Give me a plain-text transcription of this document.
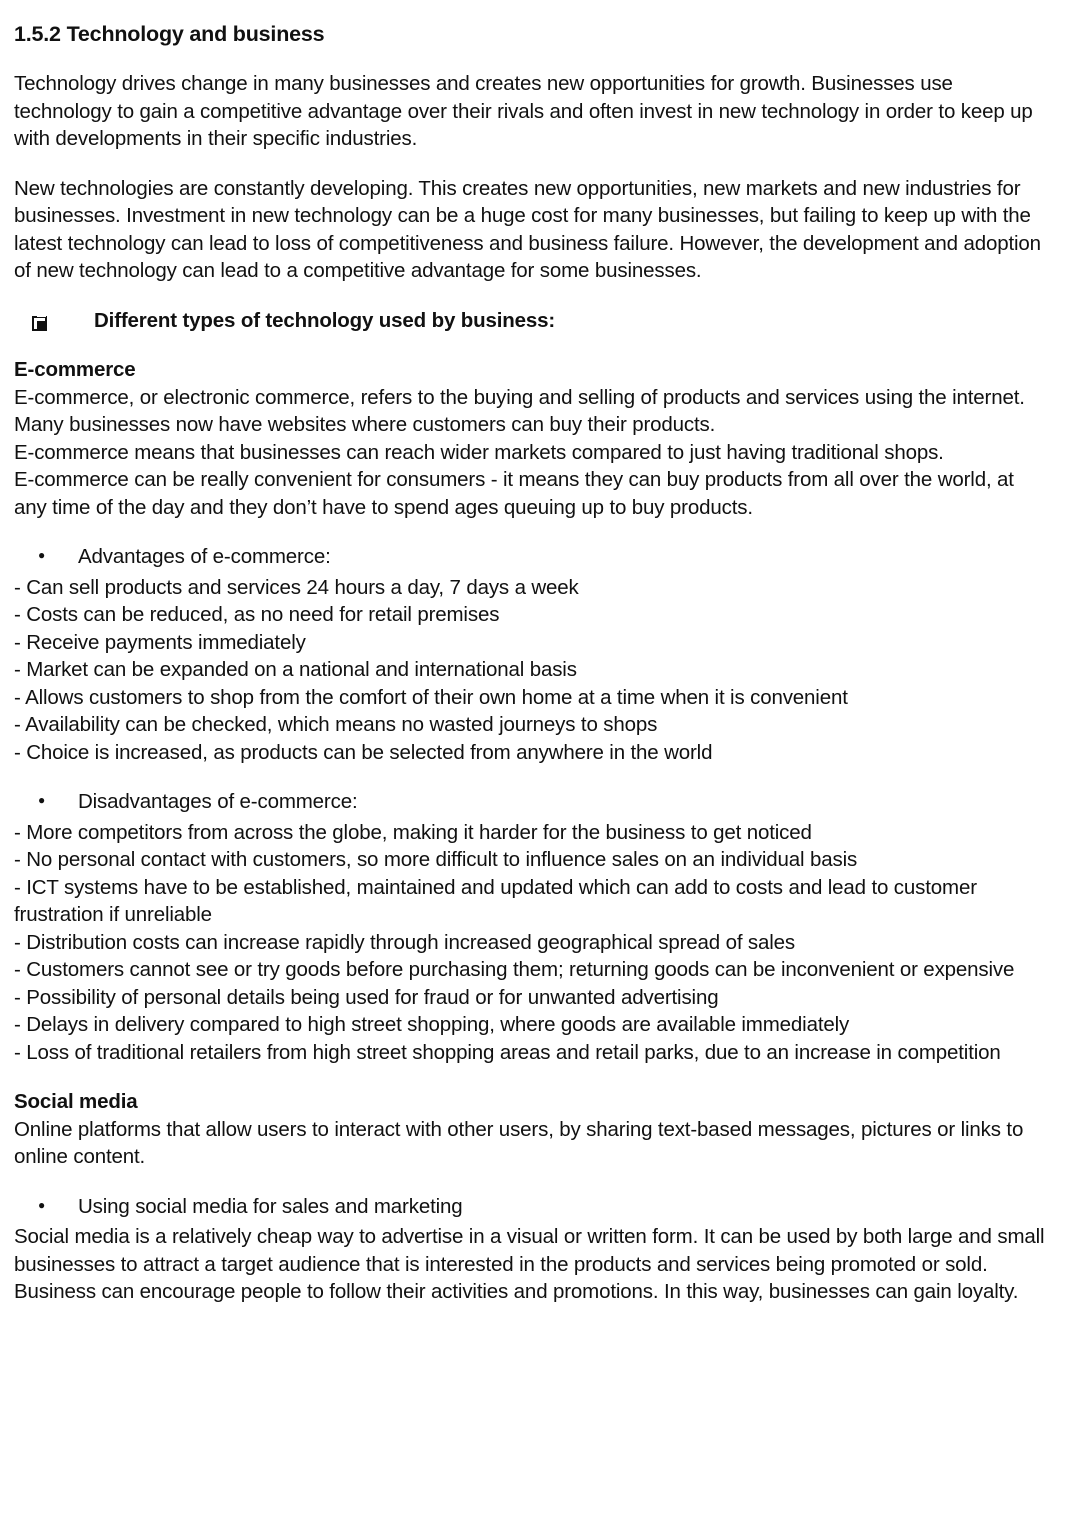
1.5.2 Technology and business

Technology drives change in many businesses and creates new opportunities for growth. Businesses use technology to gain a competitive advantage over their rivals and often invest in new technology in order to keep up with developments in their specific industries.

New technologies are constantly developing. This creates new opportunities, new markets and new industries for businesses. Investment in new technology can be a huge cost for many businesses, but failing to keep up with the latest technology can lead to loss of competitiveness and business failure. However, the development and adoption of new technology can lead to a competitive advantage for some businesses.

Different types of technology used by business:
E-commerce

E-commerce, or electronic commerce, refers to the buying and selling of products and services using the internet.

Many businesses now have websites where customers can buy their products.

E-commerce means that businesses can reach wider markets compared to just having traditional shops.

E-commerce can be really convenient for consumers - it means they can buy products from all over the world, at any time of the day and they don’t have to spend ages queuing up to buy products.

●
Advantages of e-commerce:

- Can sell products and services 24 hours a day, 7 days a week

- Costs can be reduced, as no need for retail premises

- Receive payments immediately

- Market can be expanded on a national and international basis

- Allows customers to shop from the comfort of their own home at a time when it is convenient

- Availability can be checked, which means no wasted journeys to shops

- Choice is increased, as products can be selected from anywhere in the world

●
Disadvantages of e-commerce:

- More competitors from across the globe, making it harder for the business to get noticed

- No personal contact with customers, so more difficult to influence sales on an individual basis

- ICT systems have to be established, maintained and updated which can add to costs and lead to customer frustration if unreliable

- Distribution costs can increase rapidly through increased geographical spread of sales

- Customers cannot see or try goods before purchasing them; returning goods can be inconvenient or expensive

- Possibility of personal details being used for fraud or for unwanted advertising

- Delays in delivery compared to high street shopping, where goods are available immediately

- Loss of traditional retailers from high street shopping areas and retail parks, due to an increase in competition

Social media

Online platforms that allow users to interact with other users, by sharing text-based messages, pictures or links to online content.

●
Using social media for sales and marketing

Social media is a relatively cheap way to advertise in a visual or written form. It can be used by both large and small businesses to attract a target audience that is interested in the products and services being promoted or sold. Business can encourage people to follow their activities and promotions. In this way, businesses can gain loyalty.
